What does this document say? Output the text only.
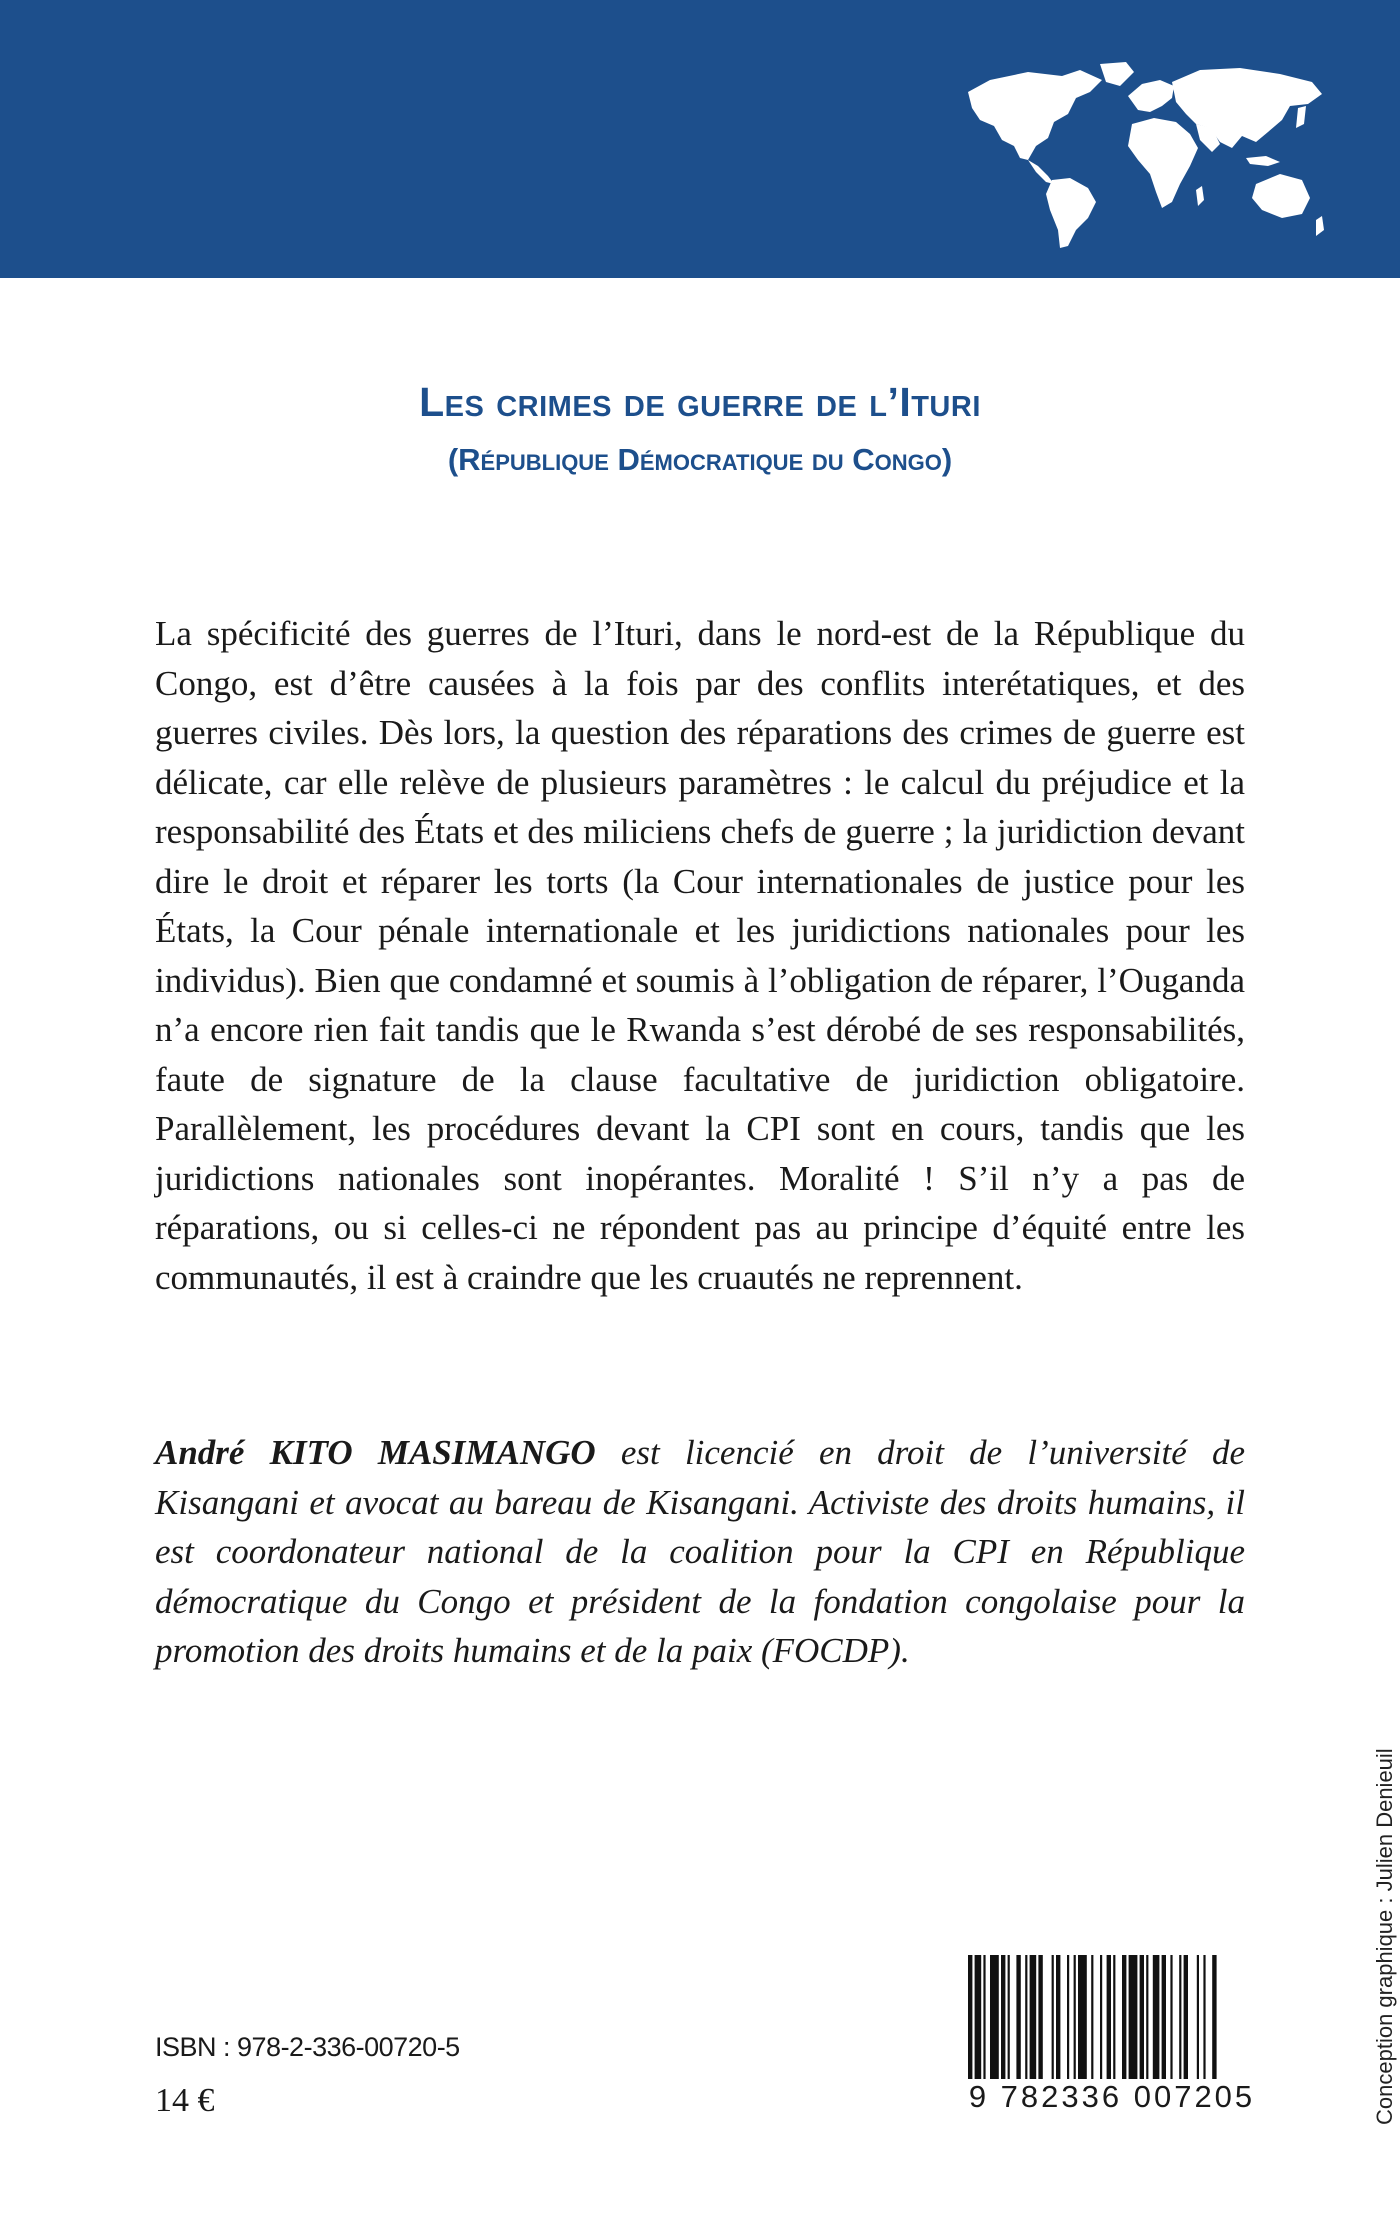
Les crimes de guerre de l’Ituri
(République Démocratique du Congo)

La spécificité des guerres de l’Ituri, dans le nord-est de la République du Congo, est d’être causées à la fois par des conflits interétatiques, et des guerres civiles. Dès lors, la question des réparations des crimes de guerre est délicate, car elle relève de plusieurs paramètres : le calcul du préjudice et la responsabilité des États et des miliciens chefs de guerre ; la juridiction devant dire le droit et réparer les torts (la Cour internationales de justice pour les États, la Cour pénale internationale et les juridictions nationales pour les individus). Bien que condamné et soumis à l’obligation de réparer, l’Ouganda n’a encore rien fait tandis que le Rwanda s’est dérobé de ses responsabilités, faute de signature de la clause facultative de juridiction obligatoire. Parallèlement, les procédures devant la CPI sont en cours, tandis que les juridictions nationales sont inopérantes. Moralité ! S’il n’y a pas de réparations, ou si celles-ci ne répondent pas au principe d’équité entre les communautés, il est à craindre que les cruautés ne reprennent.

André KITO MASIMANGO est licencié en droit de l’université de Kisangani et avocat au bareau de Kisangani. Activiste des droits humains, il est coordonateur national de la coalition pour la CPI en République démocratique du Congo et président de la fondation congolaise pour la promotion des droits humains et de la paix (FOCDP).

ISBN : 978-2-336-00720-5
14 €	9 782336 007205	Conception graphique : Julien Denieuil
